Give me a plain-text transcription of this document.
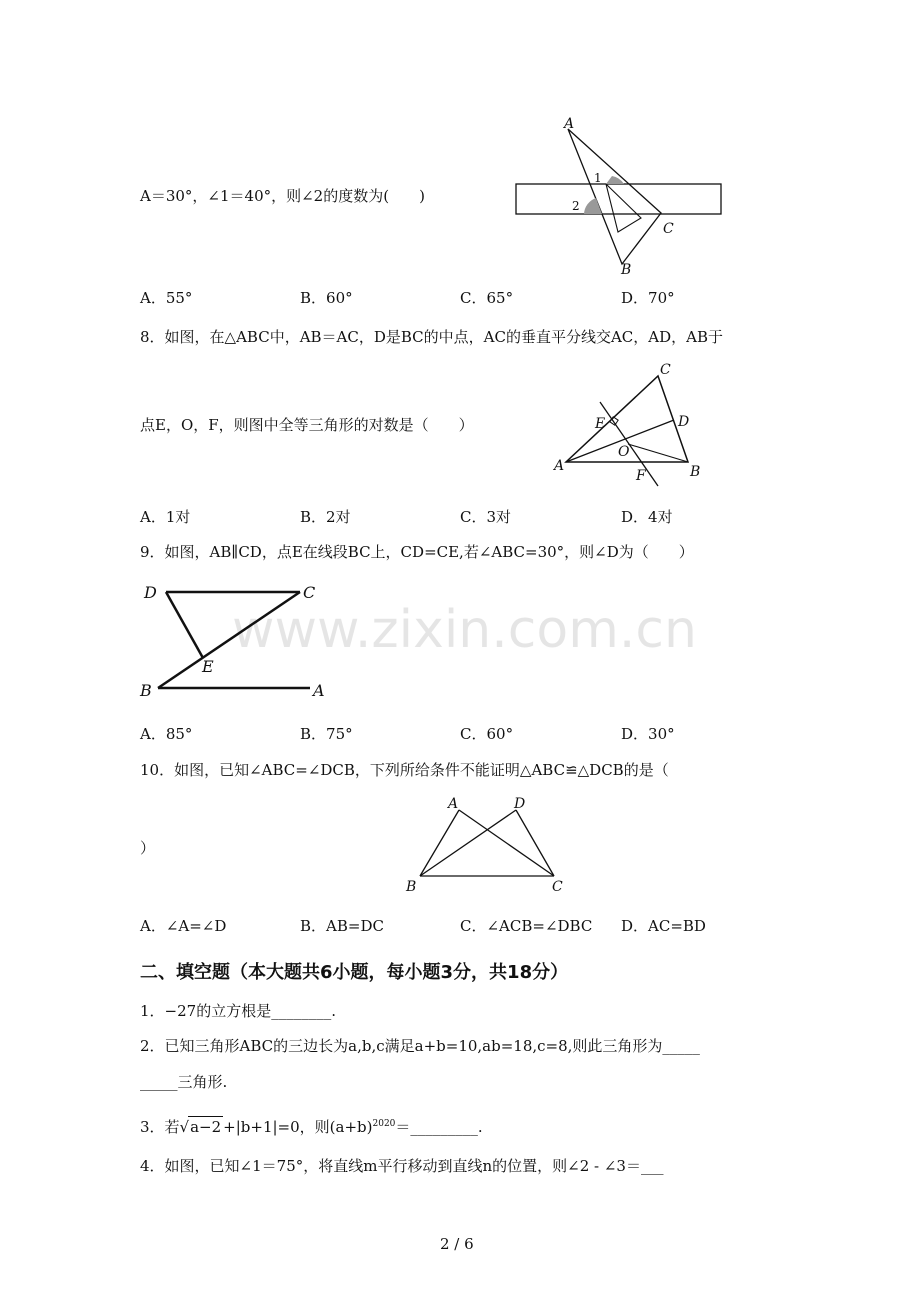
www.zixin.com.cn
A＝30°，∠1＝40°，则∠2的度数为(　　)
A
B
C
1
2
A．55°	B．60°	C．65°	D．70°
8．如图，在△ABC中，AB＝AC，D是BC的中点，AC的垂直平分线交AC，AD，AB于
点E，O，F，则图中全等三角形的对数是（　　）
C
D
E
O
A	B
F
A．1对	B．2对	C．3对	D．4对
9．如图，AB∥CD，点E在线段BC上，CD=CE,若∠ABC=30°，则∠D为（　　）
D	C
E
B	A
A．85°	B．75°	C．60°	D．30°
10．如图，已知∠ABC=∠DCB，下列所给条件不能证明△ABC≌△DCB的是（
）
A	D
B	C
A．∠A=∠D	B．AB=DC	C．∠ACB=∠DBC D．AC=BD
二、填空题（本大题共6小题，每小题3分，共18分）
1．−27的立方根是________.
2．已知三角形ABC的三边长为a,b,c满足a+b=10,ab=18,c=8,则此三角形为_____
_____三角形.
3．若√a−2 +|b+1|=0，则$(a+b)^{2020}=\_\_\_\_\_\_\_\_\_$.
4．如图，已知∠1＝75°，将直线m平行移动到直线n的位置，则∠2 - ∠3＝___
2 / 6
